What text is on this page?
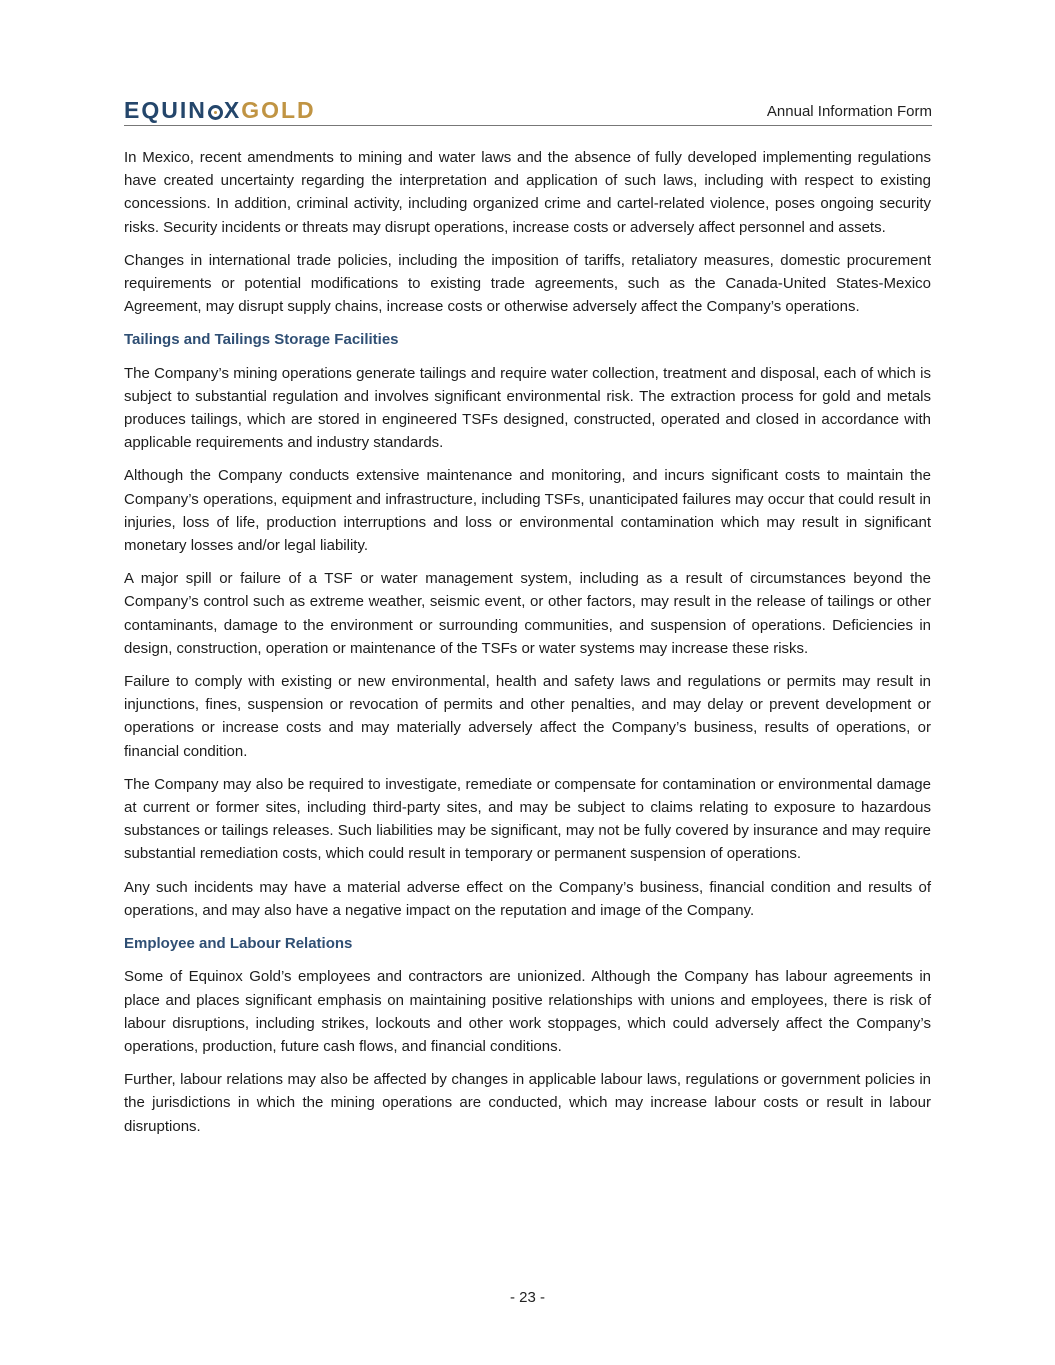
EQUIN XGOLD	Annual Information Form

In Mexico, recent amendments to mining and water laws and the absence of fully developed implementing regulations have created uncertainty regarding the interpretation and application of such laws, including with respect to existing concessions. In addition, criminal activity, including organized crime and cartel-related violence, poses ongoing security risks. Security incidents or threats may disrupt operations, increase costs or adversely affect personnel and assets.

Changes in international trade policies, including the imposition of tariffs, retaliatory measures, domestic procurement requirements or potential modifications to existing trade agreements, such as the Canada-United States-Mexico Agreement, may disrupt supply chains, increase costs or otherwise adversely affect the Company’s operations.

Tailings and Tailings Storage Facilities

The Company’s mining operations generate tailings and require water collection, treatment and disposal, each of which is subject to substantial regulation and involves significant environmental risk. The extraction process for gold and metals produces tailings, which are stored in engineered TSFs designed, constructed, operated and closed in accordance with applicable requirements and industry standards.

Although the Company conducts extensive maintenance and monitoring, and incurs significant costs to maintain the Company’s operations, equipment and infrastructure, including TSFs, unanticipated failures may occur that could result in injuries, loss of life, production interruptions and loss or environmental contamination which may result in significant monetary losses and/or legal liability.

A major spill or failure of a TSF or water management system, including as a result of circumstances beyond the Company’s control such as extreme weather, seismic event, or other factors, may result in the release of tailings or other contaminants, damage to the environment or surrounding communities, and suspension of operations. Deficiencies in design, construction, operation or maintenance of the TSFs or water systems may increase these risks.

Failure to comply with existing or new environmental, health and safety laws and regulations or permits may result in injunctions, fines, suspension or revocation of permits and other penalties, and may delay or prevent development or operations or increase costs and may materially adversely affect the Company’s business, results of operations, or financial condition.

The Company may also be required to investigate, remediate or compensate for contamination or environmental damage at current or former sites, including third-party sites, and may be subject to claims relating to exposure to hazardous substances or tailings releases. Such liabilities may be significant, may not be fully covered by insurance and may require substantial remediation costs, which could result in temporary or permanent suspension of operations.

Any such incidents may have a material adverse effect on the Company’s business, financial condition and results of operations, and may also have a negative impact on the reputation and image of the Company.

Employee and Labour Relations

Some of Equinox Gold’s employees and contractors are unionized. Although the Company has labour agreements in place and places significant emphasis on maintaining positive relationships with unions and employees, there is risk of labour disruptions, including strikes, lockouts and other work stoppages, which could adversely affect the Company’s operations, production, future cash flows, and financial conditions.

Further, labour relations may also be affected by changes in applicable labour laws, regulations or government policies in the jurisdictions in which the mining operations are conducted, which may increase labour costs or result in labour disruptions.

- 23 -
